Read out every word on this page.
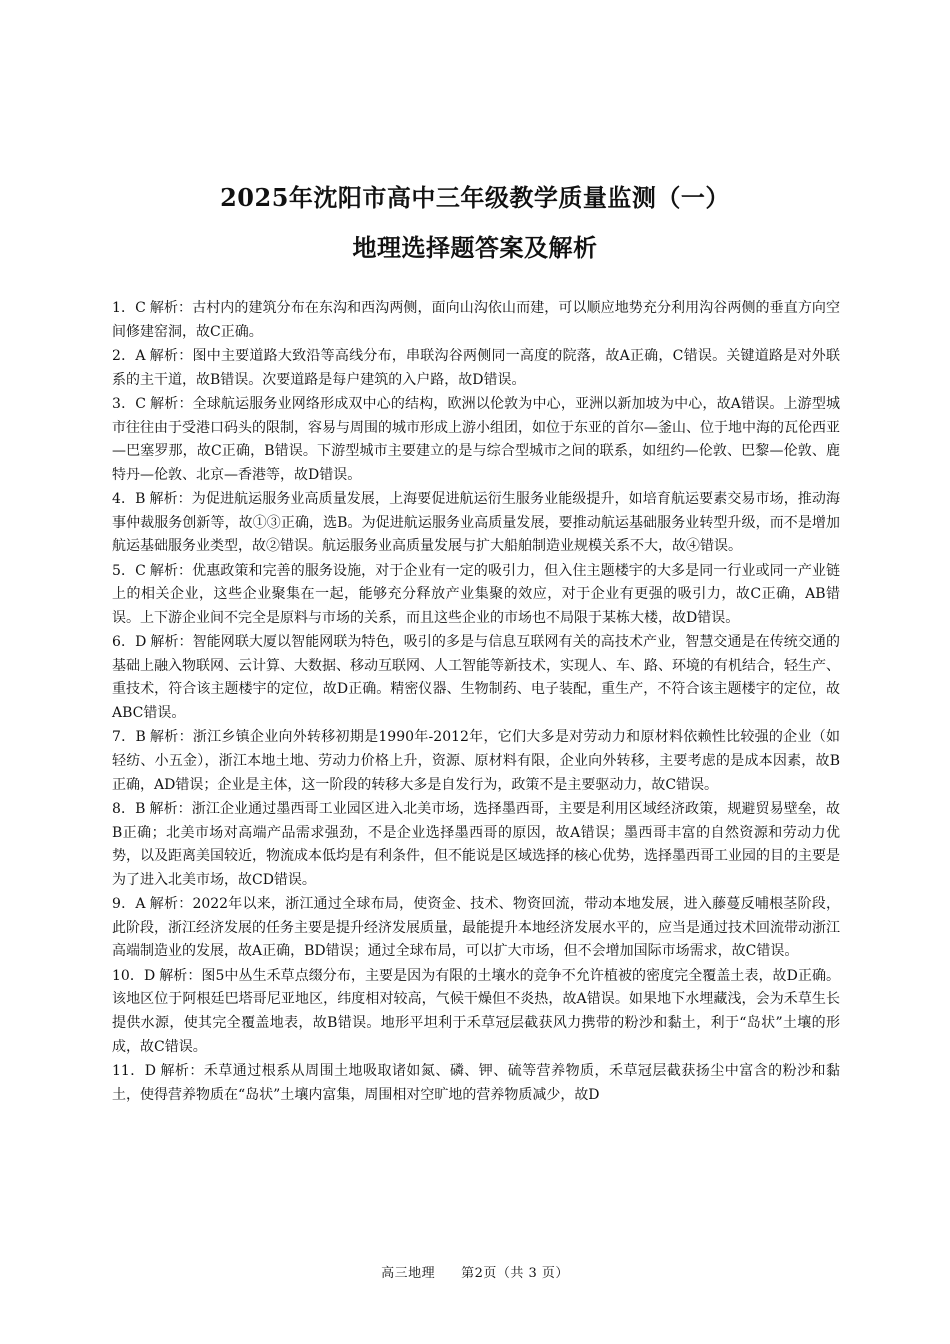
2025年沈阳市高中三年级教学质量监测（一）
地理选择题答案及解析

1．C 解析：古村内的建筑分布在东沟和西沟两侧，面向山沟依山而建，可以顺应地势充分利用沟谷两侧的垂直方向空间修建窑洞，故C正确。

2．A 解析：图中主要道路大致沿等高线分布，串联沟谷两侧同一高度的院落，故A正确，C错误。关键道路是对外联系的主干道，故B错误。次要道路是每户建筑的入户路，故D错误。

3．C 解析：全球航运服务业网络形成双中心的结构，欧洲以伦敦为中心，亚洲以新加坡为中心，故A错误。上游型城市往往由于受港口码头的限制，容易与周围的城市形成上游小组团，如位于东亚的首尔—釜山、位于地中海的瓦伦西亚—巴塞罗那，故C正确，B错误。下游型城市主要建立的是与综合型城市之间的联系，如纽约—伦敦、巴黎—伦敦、鹿特丹—伦敦、北京—香港等，故D错误。

4．B 解析：为促进航运服务业高质量发展，上海要促进航运衍生服务业能级提升，如培育航运要素交易市场，推动海事仲裁服务创新等，故①③正确，选B。为促进航运服务业高质量发展，要推动航运基础服务业转型升级，而不是增加航运基础服务业类型，故②错误。航运服务业高质量发展与扩大船舶制造业规模关系不大，故④错误。

5．C 解析：优惠政策和完善的服务设施，对于企业有一定的吸引力，但入住主题楼宇的大多是同一行业或同一产业链上的相关企业，这些企业聚集在一起，能够充分释放产业集聚的效应，对于企业有更强的吸引力，故C正确，AB错误。上下游企业间不完全是原料与市场的关系，而且这些企业的市场也不局限于某栋大楼，故D错误。

6．D 解析：智能网联大厦以智能网联为特色，吸引的多是与信息互联网有关的高技术产业，智慧交通是在传统交通的基础上融入物联网、云计算、大数据、移动互联网、人工智能等新技术，实现人、车、路、环境的有机结合，轻生产、重技术，符合该主题楼宇的定位，故D正确。精密仪器、生物制药、电子装配，重生产，不符合该主题楼宇的定位，故ABC错误。

7．B 解析：浙江乡镇企业向外转移初期是1990年-2012年，它们大多是对劳动力和原材料依赖性比较强的企业（如轻纺、小五金），浙江本地土地、劳动力价格上升，资源、原材料有限，企业向外转移，主要考虑的是成本因素，故B正确，AD错误；企业是主体，这一阶段的转移大多是自发行为，政策不是主要驱动力，故C错误。

8．B 解析：浙江企业通过墨西哥工业园区进入北美市场，选择墨西哥，主要是利用区域经济政策，规避贸易壁垒，故B正确；北美市场对高端产品需求强劲，不是企业选择墨西哥的原因，故A错误；墨西哥丰富的自然资源和劳动力优势，以及距离美国较近，物流成本低均是有利条件，但不能说是区域选择的核心优势，选择墨西哥工业园的目的主要是为了进入北美市场，故CD错误。

9．A 解析：2022年以来，浙江通过全球布局，使资金、技术、物资回流，带动本地发展，进入藤蔓反哺根茎阶段，此阶段，浙江经济发展的任务主要是提升经济发展质量，最能提升本地经济发展水平的，应当是通过技术回流带动浙江高端制造业的发展，故A正确，BD错误；通过全球布局，可以扩大市场，但不会增加国际市场需求，故C错误。

10．D 解析：图5中丛生禾草点缀分布，主要是因为有限的土壤水的竞争不允许植被的密度完全覆盖土表，故D正确。该地区位于阿根廷巴塔哥尼亚地区，纬度相对较高，气候干燥但不炎热，故A错误。如果地下水埋藏浅，会为禾草生长提供水源，使其完全覆盖地表，故B错误。地形平坦利于禾草冠层截获风力携带的粉沙和黏土，利于“岛状”土壤的形成，故C错误。

11．D 解析：禾草通过根系从周围土地吸取诸如氮、磷、钾、硫等营养物质，禾草冠层截获扬尘中富含的粉沙和黏土，使得营养物质在“岛状”土壤内富集，周围相对空旷地的营养物质减少，故D

高三地理 第2页（共 3 页）
